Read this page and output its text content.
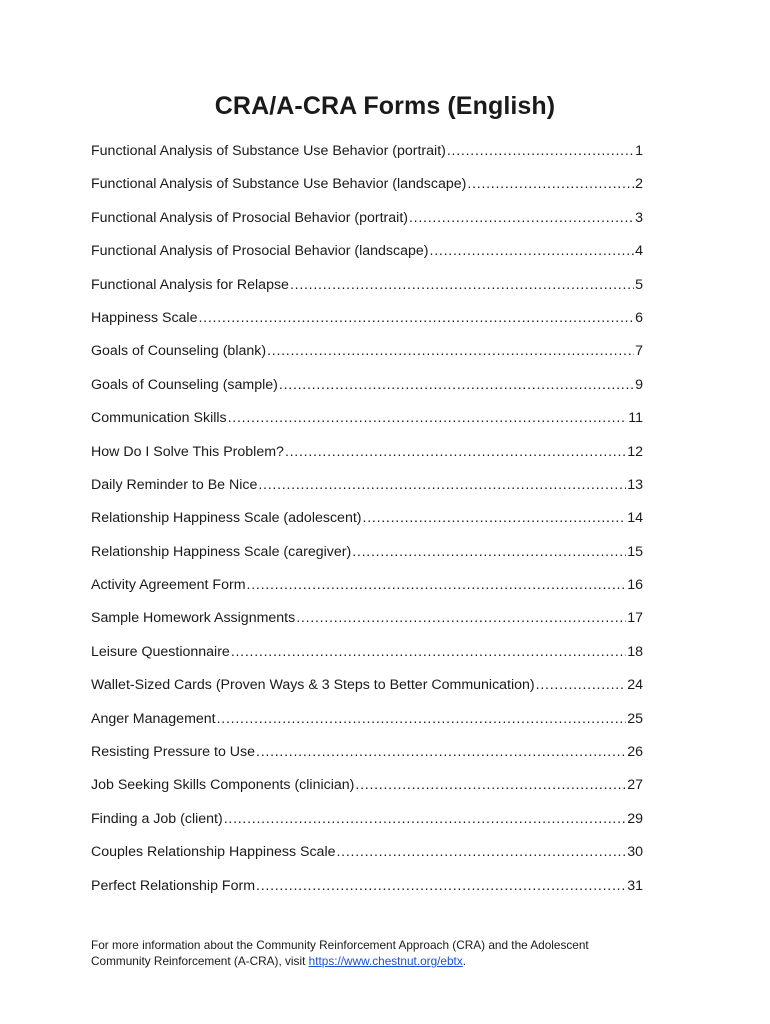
CRA/A-CRA Forms (English)
Functional Analysis of Substance Use Behavior (portrait) . . .	1
Functional Analysis of Substance Use Behavior (landscape) . . .	2
Functional Analysis of Prosocial Behavior (portrait) . . .	3
Functional Analysis of Prosocial Behavior (landscape) . . .	4
Functional Analysis for Relapse . . .	5
Happiness Scale . . .	6
Goals of Counseling (blank) . . .	7
Goals of Counseling (sample) . . .	9
Communication Skills . . .	11
How Do I Solve This Problem? . . .	12
Daily Reminder to Be Nice . . .	13
Relationship Happiness Scale (adolescent) . . .	14
Relationship Happiness Scale (caregiver) . . .	15
Activity Agreement Form . . .	16
Sample Homework Assignments . . .	17
Leisure Questionnaire . . .	18
Wallet-Sized Cards (Proven Ways & 3 Steps to Better Communication) . . .	24
Anger Management . . .	25
Resisting Pressure to Use . . .	26
Job Seeking Skills Components (clinician) . . .	27
Finding a Job (client) . . .	29
Couples Relationship Happiness Scale . . .	30
Perfect Relationship Form . . .	31

For more information about the Community Reinforcement Approach (CRA) and the Adolescent Community Reinforcement (A-CRA), visit https://www.chestnut.org/ebtx.
